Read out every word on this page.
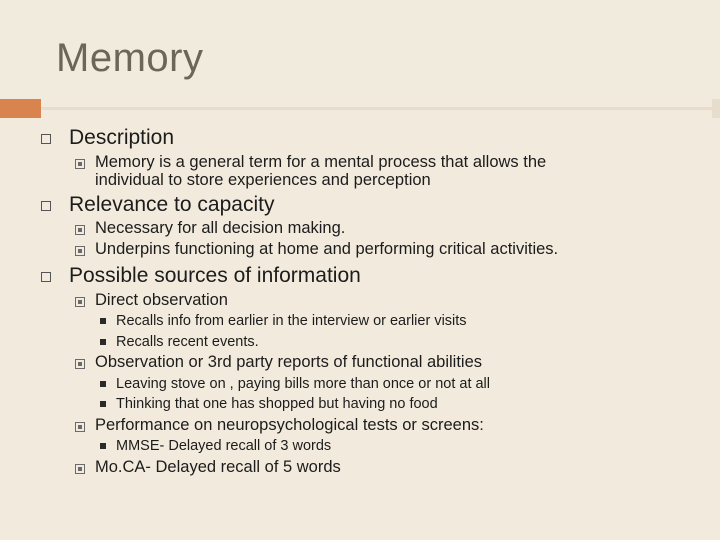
Memory
Description
Memory is a general term for a mental process that allows the
individual to store experiences and perception
Relevance to capacity
Necessary for all decision making.
Underpins functioning at home and performing critical activities.
Possible sources of information
Direct observation
Recalls info from earlier in the interview or earlier visits
Recalls recent events.
Observation or 3rd party reports of functional abilities
Leaving stove on , paying bills more than once or not at all
Thinking that one has shopped but having no food
Performance on neuropsychological tests or screens:
MMSE- Delayed recall of 3 words
Mo.CA- Delayed recall of 5 words
